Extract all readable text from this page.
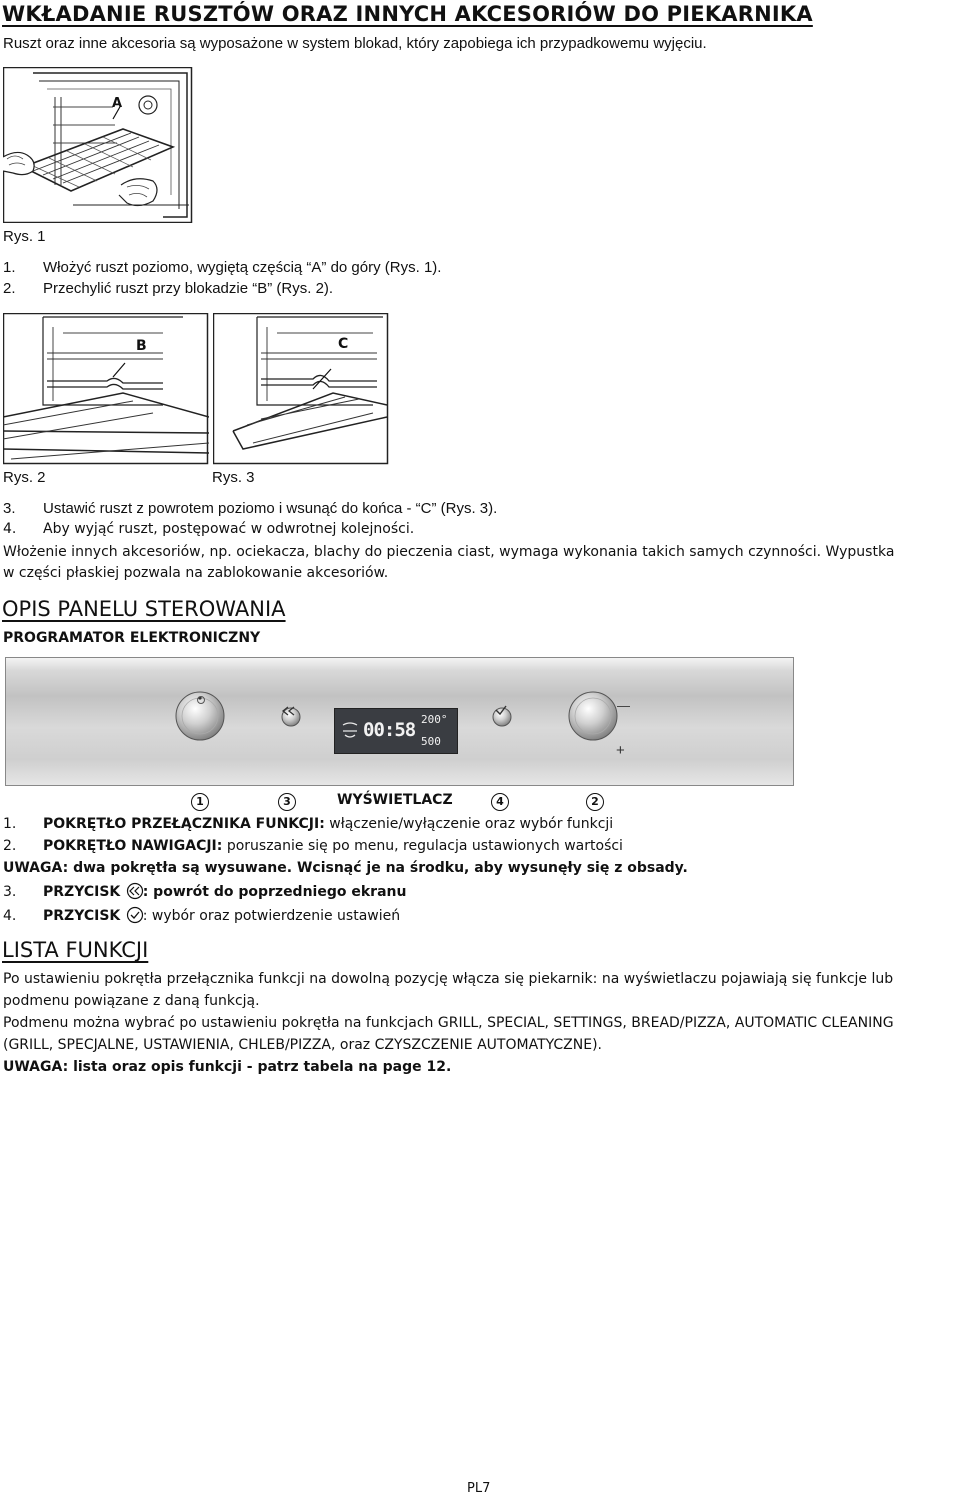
WKŁADANIE RUSZTÓW ORAZ INNYCH AKCESORIÓW DO PIEKARNIKA
Ruszt oraz inne akcesoria są wyposażone w system blokad, który zapobiega ich przypadkowemu wyjęciu.
A
Rys. 1
1. Włożyć ruszt poziomo, wygiętą częścią “A” do góry (Rys. 1).
2. Przechylić ruszt przy blokadzie “B” (Rys. 2).
B	C
Rys. 2	Rys. 3
3. Ustawić ruszt z powrotem poziomo i wsunąć do końca - “C” (Rys. 3).
4. Aby wyjąć ruszt, postępować w odwrotnej kolejności.
Włożenie innych akcesoriów, np. ociekacza, blachy do pieczenia ciast, wymaga wykonania takich samych czynności. Wypustka
w części płaskiej pozwala na zablokowanie akcesoriów.
OPIS PANELU STEROWANIA
PROGRAMATOR ELEKTRONICZNY
00:58 200°
500
—
+
1	3	WYŚWIETLACZ	4	2
1. POKRĘTŁO PRZEŁĄCZNIKA FUNKCJI: włączenie/wyłączenie oraz wybór funkcji
2. POKRĘTŁO NAWIGACJI: poruszanie się po menu, regulacja ustawionych wartości
UWAGA: dwa pokrętła są wysuwane. Wcisnąć je na środku, aby wysunęły się z obsady.
3. PRZYCISK : powrót do poprzedniego ekranu
4. PRZYCISK : wybór oraz potwierdzenie ustawień
LISTA FUNKCJI
Po ustawieniu pokrętła przełącznika funkcji na dowolną pozycję włącza się piekarnik: na wyświetlaczu pojawiają się funkcje lub
podmenu powiązane z daną funkcją.
Podmenu można wybrać po ustawieniu pokrętła na funkcjach GRILL, SPECIAL, SETTINGS, BREAD/PIZZA, AUTOMATIC CLEANING
(GRILL, SPECJALNE, USTAWIENIA, CHLEB/PIZZA, oraz CZYSZCZENIE AUTOMATYCZNE).
UWAGA: lista oraz opis funkcji - patrz tabela na page 12.
PL7
